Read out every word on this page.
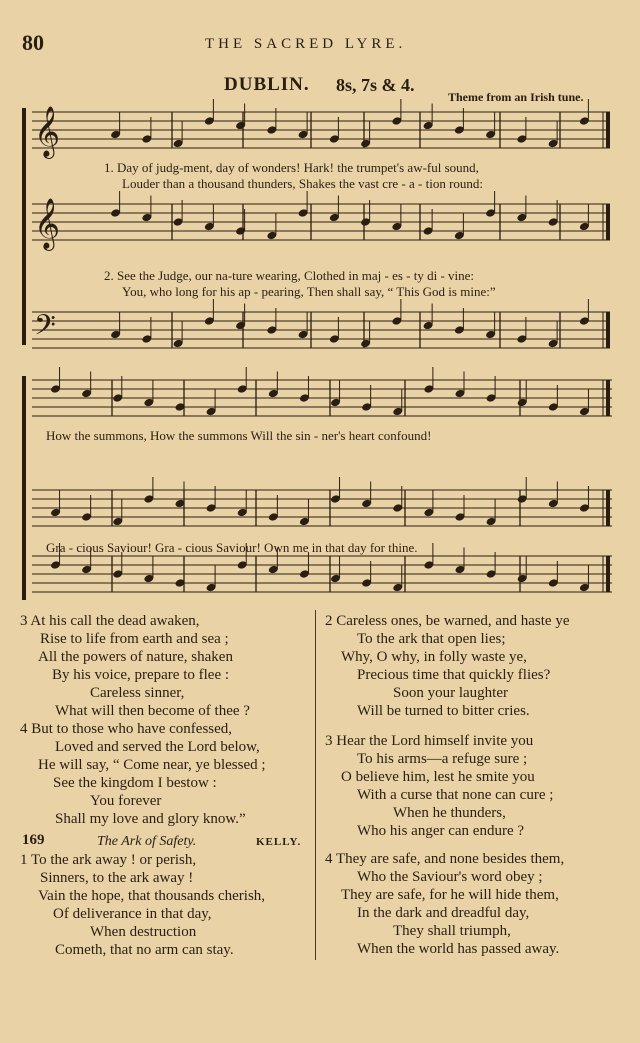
80	THE SACRED LYRE.
DUBLIN. 8s, 7s & 4.
Theme from an Irish tune.
𝄞
𝄞
𝄢
1. Day of judg-ment, day of wonders! Hark! the trumpet's aw-ful sound,
Louder than a thousand thunders, Shakes the vast cre - a - tion round:
2. See the Judge, our na-ture wearing, Clothed in maj - es - ty di - vine:
You, who long for his ap - pearing, Then shall say, “ This God is mine:”
How the summons, How the summons Will the sin - ner's heart confound!
Gra - cious Saviour! Gra - cious Saviour! Own me in that day for thine.
3 At his call the dead awaken,
Rise to life from earth and sea ;
All the powers of nature, shaken
By his voice, prepare to flee :
Careless sinner,
What will then become of thee ?
4 But to those who have confessed,
Loved and served the Lord below,
He will say, “ Come near, ye blessed ;
See the kingdom I bestow :
You forever
Shall my love and glory know.”
169	The Ark of Safety.	KELLY.
1 To the ark away ! or perish,
Sinners, to the ark away !
Vain the hope, that thousands cherish,
Of deliverance in that day,
When destruction
Cometh, that no arm can stay.
2 Careless ones, be warned, and haste ye
To the ark that open lies;
Why, O why, in folly waste ye,
Precious time that quickly flies?
Soon your laughter
Will be turned to bitter cries.
3 Hear the Lord himself invite you
To his arms—a refuge sure ;
O believe him, lest he smite you
With a curse that none can cure ;
When he thunders,
Who his anger can endure ?
4 They are safe, and none besides them,
Who the Saviour's word obey ;
They are safe, for he will hide them,
In the dark and dreadful day,
They shall triumph,
When the world has passed away.
